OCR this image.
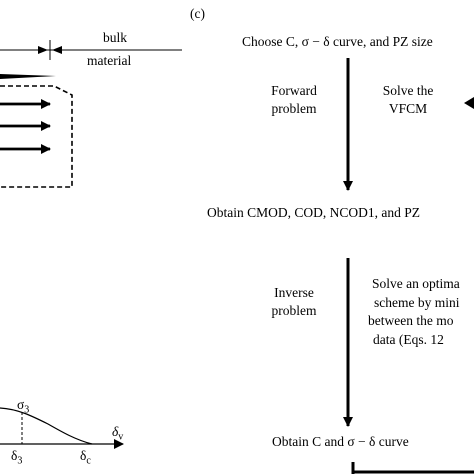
bulk
material
$\sigma_3$
$\delta_v$
$\delta_3$	$\delta_c$
(c)
Choose C, σ − δ curve, and PZ size
Forward
problem
Solve the
VFCM
Obtain CMOD, COD, NCOD1, and PZ
Inverse
problem
Solve an optima
scheme by mini
between the mo
data (Eqs. 12
Obtain C and σ − δ curve
